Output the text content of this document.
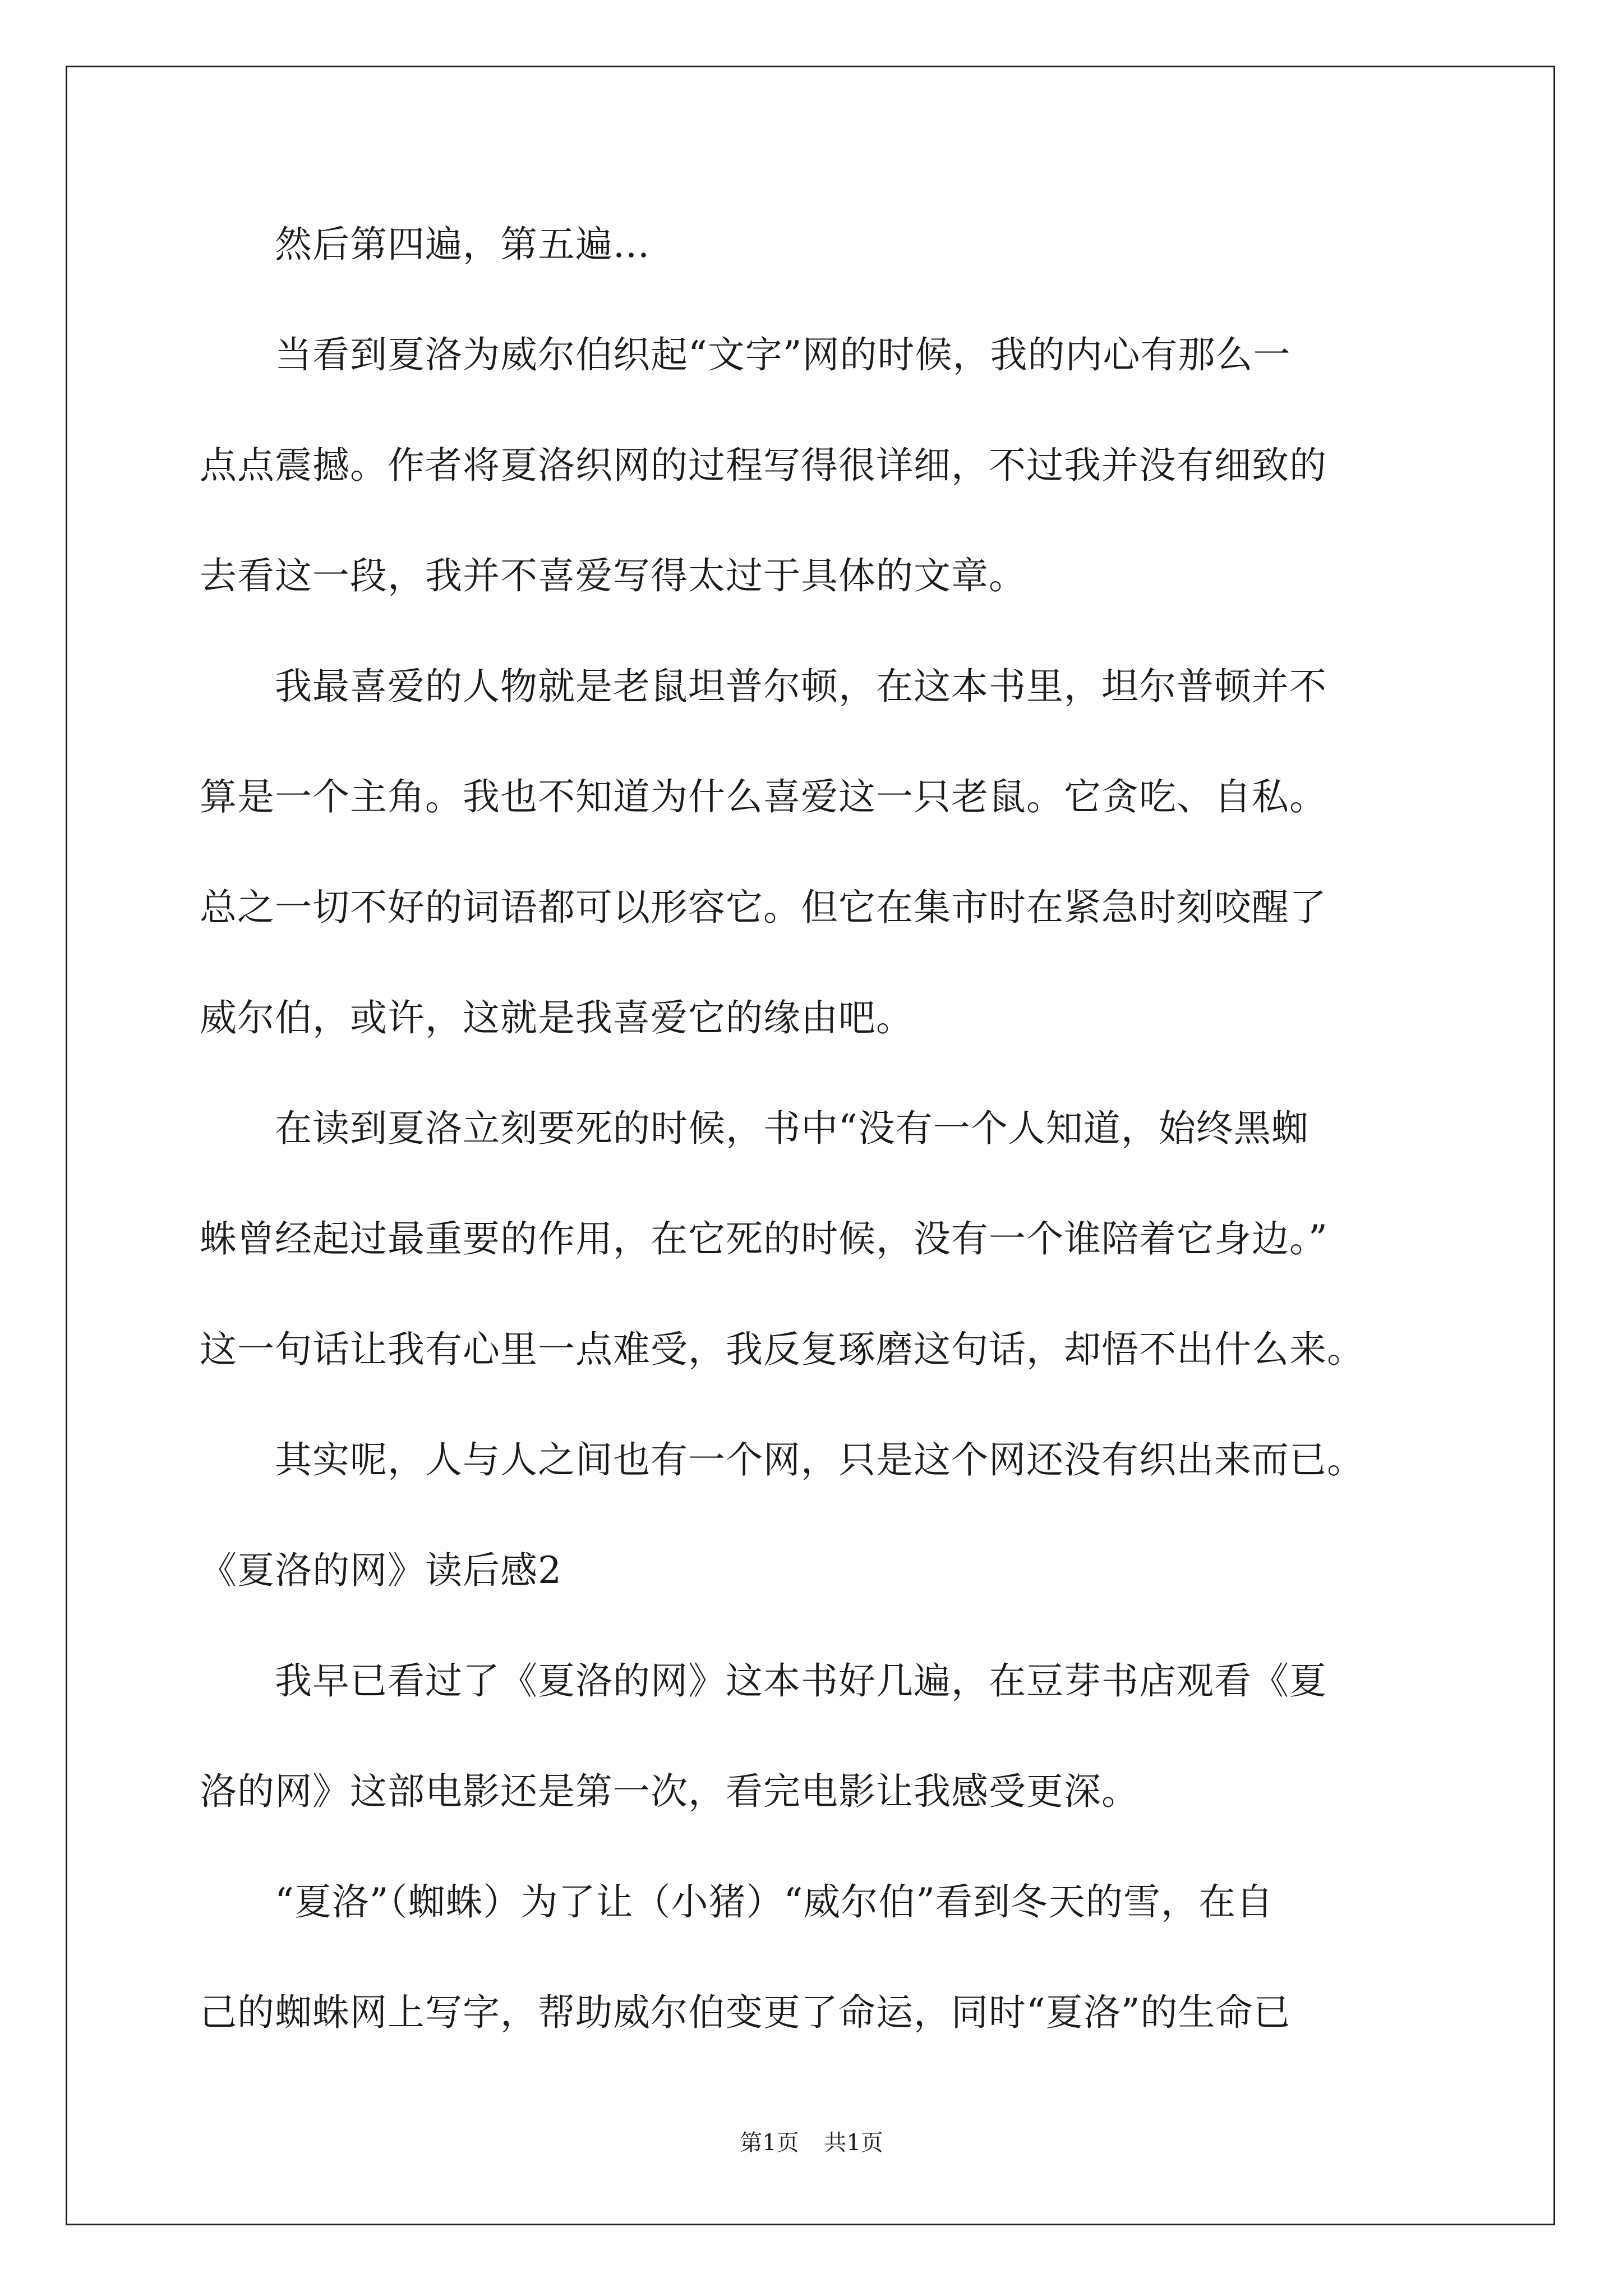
　　然后第四遍，第五遍...
　　当看到夏洛为威尔伯织起“文字”网的时候，我的内心有那么一
点点震撼。作者将夏洛织网的过程写得很详细，不过我并没有细致的
去看这一段，我并不喜爱写得太过于具体的文章。
　　我最喜爱的人物就是老鼠坦普尔顿，在这本书里，坦尔普顿并不
算是一个主角。我也不知道为什么喜爱这一只老鼠。它贪吃、自私。
总之一切不好的词语都可以形容它。但它在集市时在紧急时刻咬醒了
威尔伯，或许，这就是我喜爱它的缘由吧。
　　在读到夏洛立刻要死的时候，书中“没有一个人知道，始终黑蜘
蛛曾经起过最重要的作用，在它死的时候，没有一个谁陪着它身边。”
这一句话让我有心里一点难受，我反复琢磨这句话，却悟不出什么来。
　　其实呢，人与人之间也有一个网，只是这个网还没有织出来而已。
《夏洛的网》读后感2
　　我早已看过了《夏洛的网》这本书好几遍，在豆芽书店观看《夏
洛的网》这部电影还是第一次，看完电影让我感受更深。
　　“夏洛”（蜘蛛）为了让（小猪）“威尔伯”看到冬天的雪，在自
己的蜘蛛网上写字，帮助威尔伯变更了命运，同时“夏洛”的生命已
第1页 共1页
